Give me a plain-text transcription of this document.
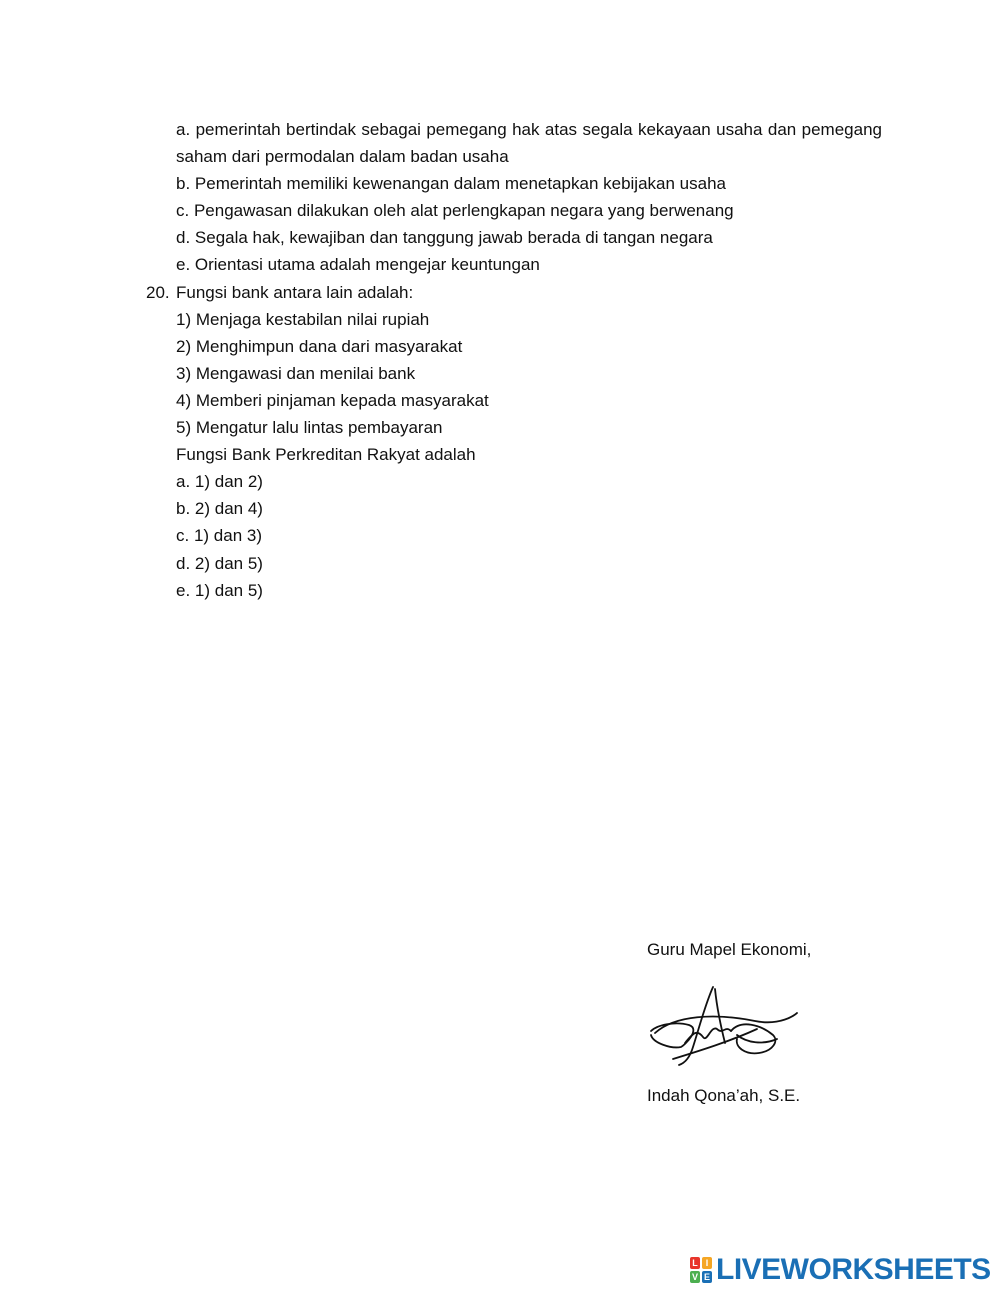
a. pemerintah bertindak sebagai pemegang hak atas segala kekayaan usaha dan pemegang
saham dari permodalan dalam badan usaha
b. Pemerintah memiliki kewenangan dalam menetapkan kebijakan usaha
c. Pengawasan dilakukan oleh alat perlengkapan negara yang berwenang
d. Segala hak, kewajiban dan tanggung jawab berada di tangan negara
e. Orientasi utama adalah mengejar keuntungan
20. Fungsi bank antara lain adalah:
1) Menjaga kestabilan nilai rupiah
2) Menghimpun dana dari masyarakat
3) Mengawasi dan menilai bank
4) Memberi pinjaman kepada masyarakat
5) Mengatur lalu lintas pembayaran
Fungsi Bank Perkreditan Rakyat adalah
a. 1) dan 2)
b. 2) dan 4)
c. 1) dan 3)
d. 2) dan 5)
e. 1) dan 5)
Guru Mapel Ekonomi,
Indah Qona’ah, S.E.
L I
V E LIVEWORKSHEETS
